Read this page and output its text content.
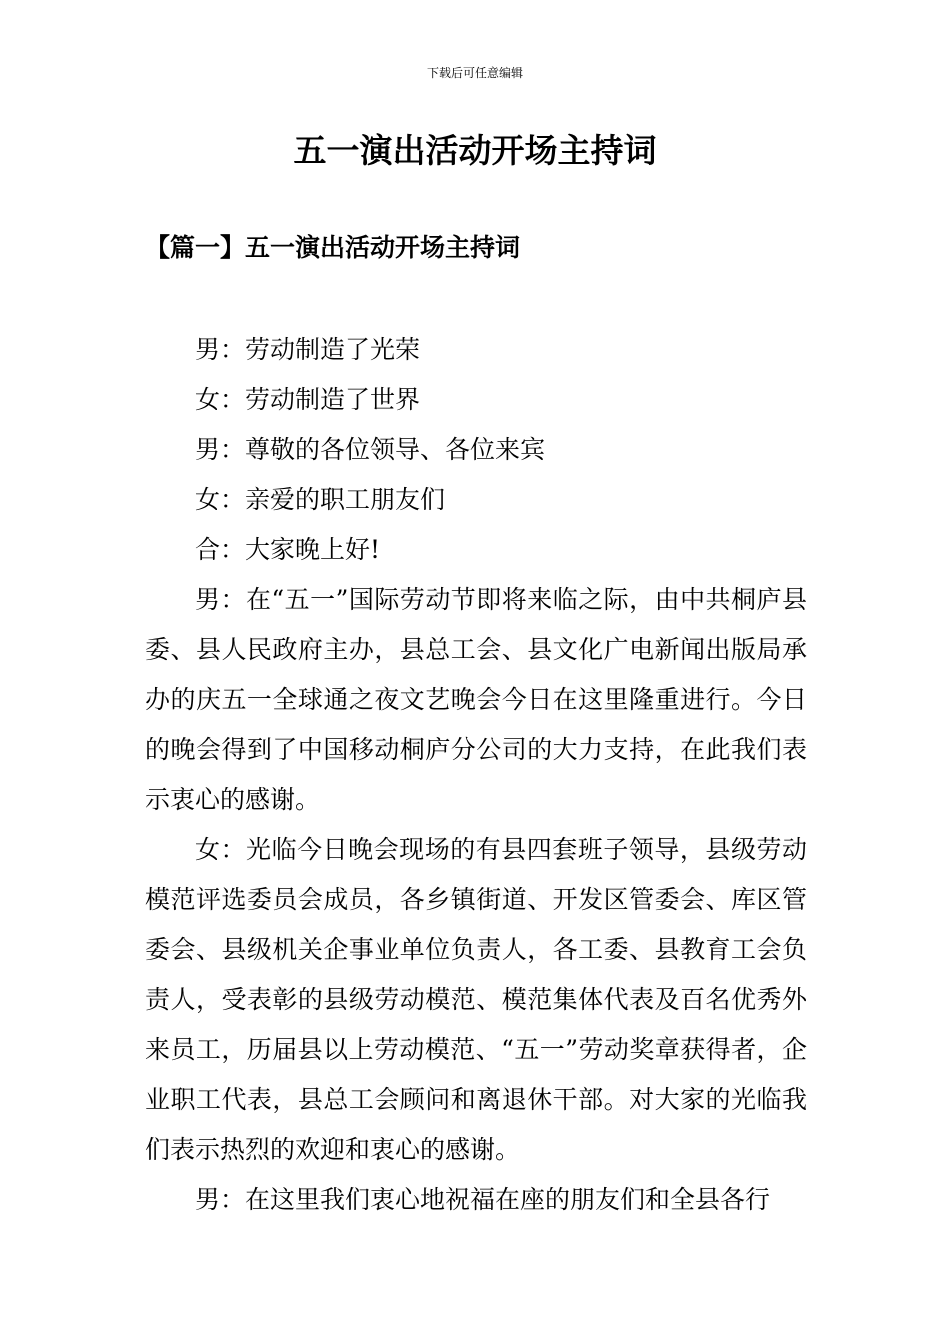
下载后可任意编辑
五一演出活动开场主持词
【篇一】五一演出活动开场主持词

男：劳动制造了光荣

女：劳动制造了世界

男：尊敬的各位领导、各位来宾

女：亲爱的职工朋友们

合：大家晚上好!

男：在“五一”国际劳动节即将来临之际，由中共桐庐县委、县人民政府主办，县总工会、县文化广电新闻出版局承办的庆五一全球通之夜文艺晚会今日在这里隆重进行。今日的晚会得到了中国移动桐庐分公司的大力支持，在此我们表示衷心的感谢。

女：光临今日晚会现场的有县四套班子领导，县级劳动模范评选委员会成员，各乡镇街道、开发区管委会、库区管委会、县级机关企事业单位负责人，各工委、县教育工会负责人，受表彰的县级劳动模范、模范集体代表及百名优秀外来员工，历届县以上劳动模范、“五一”劳动奖章获得者，企业职工代表，县总工会顾问和离退休干部。对大家的光临我们表示热烈的欢迎和衷心的感谢。

男：在这里我们衷心地祝福在座的朋友们和全县各行
